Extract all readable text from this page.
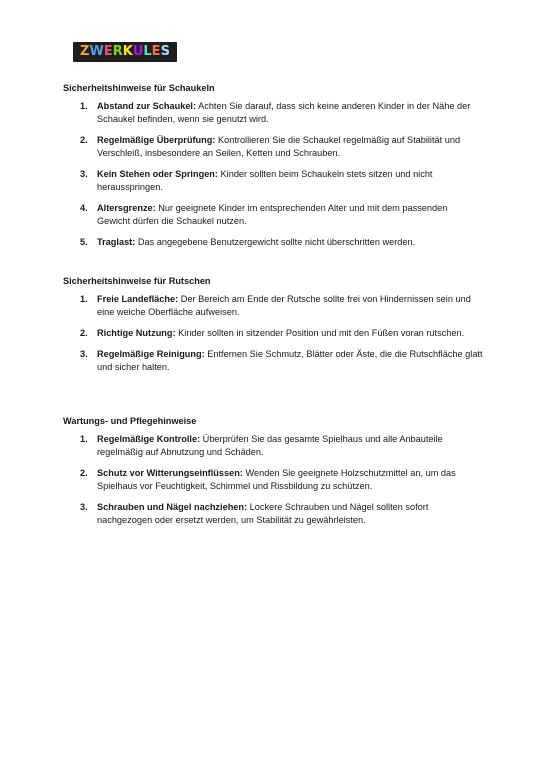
Z W E R K U L E S
Sicherheitshinweise für Schaukeln
1. Abstand zur Schaukel: Achten Sie darauf, dass sich keine anderen Kinder in der Nähe der Schaukel befinden, wenn sie genutzt wird.
2. Regelmäßige Überprüfung: Kontrollieren Sie die Schaukel regelmäßig auf Stabilität und Verschleiß, insbesondere an Seilen, Ketten und Schrauben.
3. Kein Stehen oder Springen: Kinder sollten beim Schaukeln stets sitzen und nicht herausspringen.
4. Altersgrenze: Nur geeignete Kinder im entsprechenden Alter und mit dem passenden Gewicht dürfen die Schaukel nutzen.
5. Traglast: Das angegebene Benutzergewicht sollte nicht überschritten werden.
Sicherheitshinweise für Rutschen
1. Freie Landefläche: Der Bereich am Ende der Rutsche sollte frei von Hindernissen sein und eine weiche Oberfläche aufweisen.
2. Richtige Nutzung: Kinder sollten in sitzender Position und mit den Füßen voran rutschen.
3. Regelmäßige Reinigung: Entfernen Sie Schmutz, Blätter oder Äste, die die Rutschfläche glatt und sicher halten.
Wartungs- und Pflegehinweise
1. Regelmäßige Kontrolle: Überprüfen Sie das gesamte Spielhaus und alle Anbauteile regelmäßig auf Abnutzung und Schäden.
2. Schutz vor Witterungseinflüssen: Wenden Sie geeignete Holzschutzmittel an, um das Spielhaus vor Feuchtigkeit, Schimmel und Rissbildung zu schützen.
3. Schrauben und Nägel nachziehen: Lockere Schrauben und Nägel sollten sofort nachgezogen oder ersetzt werden, um Stabilität zu gewährleisten.
